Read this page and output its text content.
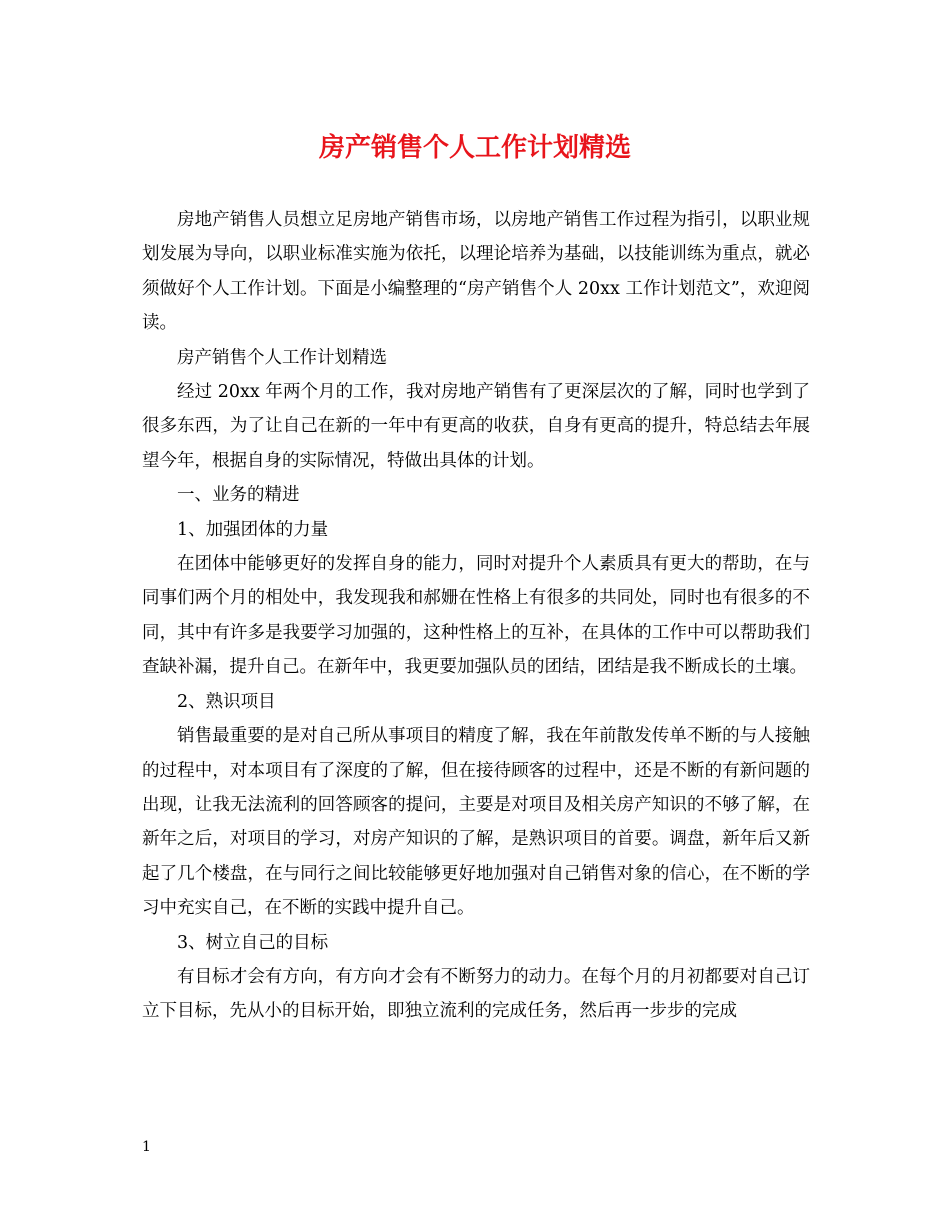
房产销售个人工作计划精选

房地产销售人员想立足房地产销售市场，以房地产销售工作过程为指引，以职业规划发展为导向，以职业标准实施为依托，以理论培养为基础，以技能训练为重点，就必须做好个人工作计划。下面是小编整理的“房产销售个人 20xx 工作计划范文”，欢迎阅读。

房产销售个人工作计划精选

经过 20xx 年两个月的工作，我对房地产销售有了更深层次的了解，同时也学到了很多东西，为了让自己在新的一年中有更高的收获，自身有更高的提升，特总结去年展望今年，根据自身的实际情况，特做出具体的计划。

一、业务的精进

1、加强团体的力量

在团体中能够更好的发挥自身的能力，同时对提升个人素质具有更大的帮助，在与同事们两个月的相处中，我发现我和郝姗在性格上有很多的共同处，同时也有很多的不同，其中有许多是我要学习加强的，这种性格上的互补，在具体的工作中可以帮助我们查缺补漏，提升自己。在新年中，我更要加强队员的团结，团结是我不断成长的土壤。

2、熟识项目

销售最重要的是对自己所从事项目的精度了解，我在年前散发传单不断的与人接触的过程中，对本项目有了深度的了解，但在接待顾客的过程中，还是不断的有新问题的出现，让我无法流利的回答顾客的提问，主要是对项目及相关房产知识的不够了解，在新年之后，对项目的学习，对房产知识的了解，是熟识项目的首要。调盘，新年后又新起了几个楼盘，在与同行之间比较能够更好地加强对自己销售对象的信心，在不断的学习中充实自己，在不断的实践中提升自己。

3、树立自己的目标

有目标才会有方向，有方向才会有不断努力的动力。在每个月的月初都要对自己订立下目标，先从小的目标开始，即独立流利的完成任务，然后再一步步的完成

1
